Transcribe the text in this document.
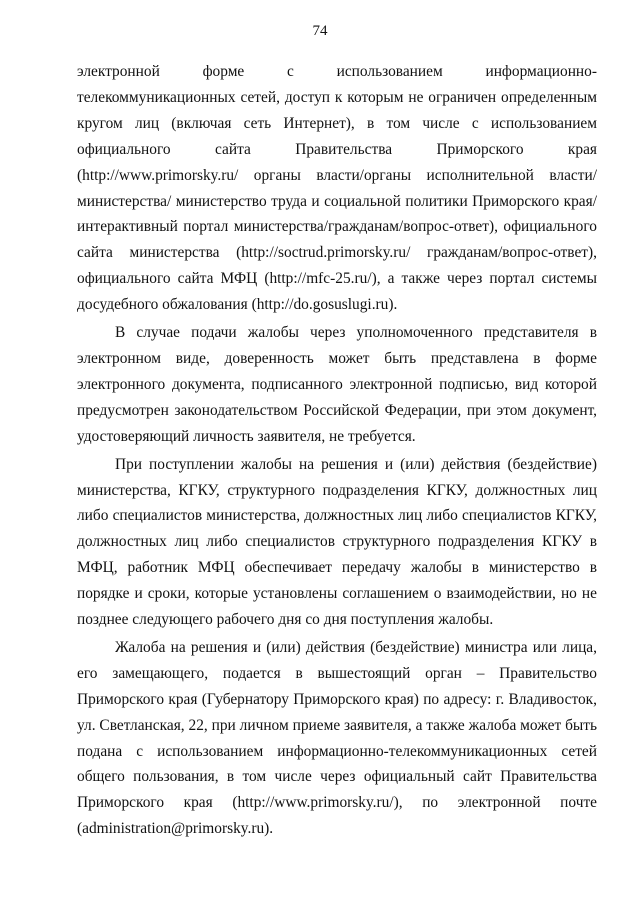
74

электронной форме с использованием информационно-телекоммуникационных сетей, доступ к которым не ограничен определенным кругом лиц (включая сеть Интернет), в том числе с использованием официального сайта Правительства Приморского края (http://www.primorsky.ru/ органы власти/органы исполнительной власти/ министерства/ министерство труда и социальной политики Приморского края/интерактивный портал министерства/гражданам/вопрос-ответ), официального сайта министерства (http://soctrud.primorsky.ru/ гражданам/вопрос-ответ), официального сайта МФЦ (http://mfc-25.ru/), а также через портал системы досудебного обжалования (http://do.gosuslugi.ru).

В случае подачи жалобы через уполномоченного представителя в электронном виде, доверенность может быть представлена в форме электронного документа, подписанного электронной подписью, вид которой предусмотрен законодательством Российской Федерации, при этом документ, удостоверяющий личность заявителя, не требуется.

При поступлении жалобы на решения и (или) действия (бездействие) министерства, КГКУ, структурного подразделения КГКУ, должностных лиц либо специалистов министерства, должностных лиц либо специалистов КГКУ, должностных лиц либо специалистов структурного подразделения КГКУ в МФЦ, работник МФЦ обеспечивает передачу жалобы в министерство в порядке и сроки, которые установлены соглашением о взаимодействии, но не позднее следующего рабочего дня со дня поступления жалобы.

Жалоба на решения и (или) действия (бездействие) министра или лица, его замещающего, подается в вышестоящий орган – Правительство Приморского края (Губернатору Приморского края) по адресу: г. Владивосток, ул. Светланская, 22, при личном приеме заявителя, а также жалоба может быть подана с использованием информационно-телекоммуникационных сетей общего пользования, в том числе через официальный сайт Правительства Приморского края (http://www.primorsky.ru/), по электронной почте (administration@primorsky.ru).
